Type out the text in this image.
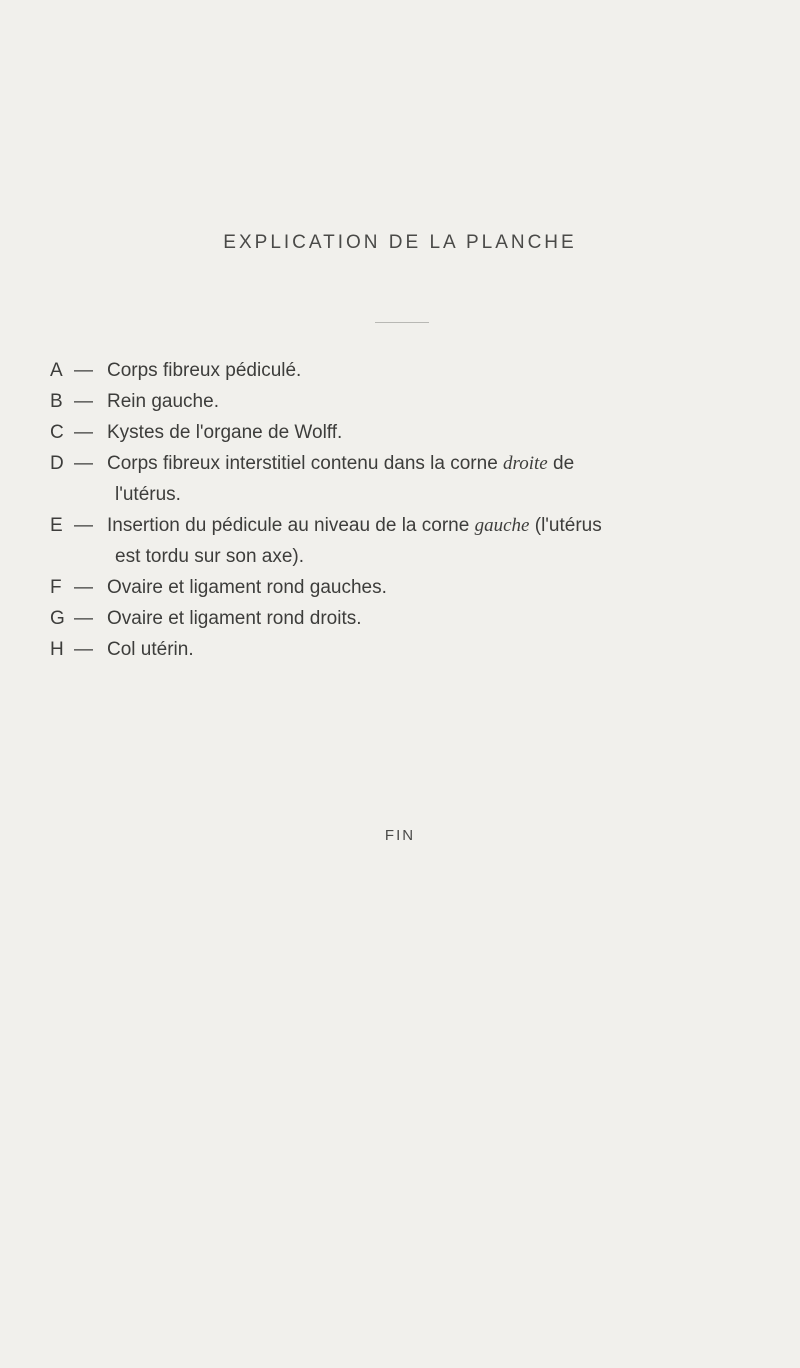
EXPLICATION DE LA PLANCHE
A — Corps fibreux pédiculé.
B — Rein gauche.
C — Kystes de l'organe de Wolff.
D — Corps fibreux interstitiel contenu dans la corne droite de
l'utérus.
E — Insertion du pédicule au niveau de la corne gauche (l'utérus
est tordu sur son axe).
F — Ovaire et ligament rond gauches.
G — Ovaire et ligament rond droits.
H — Col utérin.
FIN
